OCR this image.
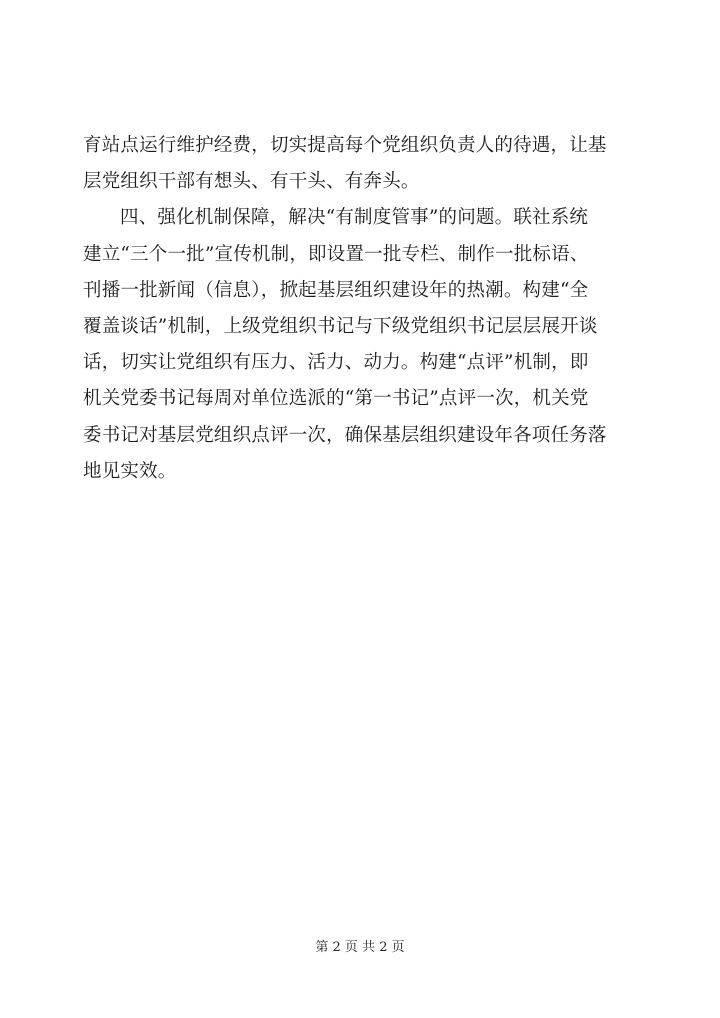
育站点运行维护经费，切实提高每个党组织负责人的待遇，让基
层党组织干部有想头、有干头、有奔头。
四、强化机制保障，解决“有制度管事”的问题。联社系统
建立“三个一批”宣传机制，即设置一批专栏、制作一批标语、
刊播一批新闻（信息），掀起基层组织建设年的热潮。构建“全
覆盖谈话”机制，上级党组织书记与下级党组织书记层层展开谈
话，切实让党组织有压力、活力、动力。构建“点评”机制，即
机关党委书记每周对单位选派的“第一书记”点评一次，机关党
委书记对基层党组织点评一次，确保基层组织建设年各项任务落
地见实效。
第 2 页 共 2 页
